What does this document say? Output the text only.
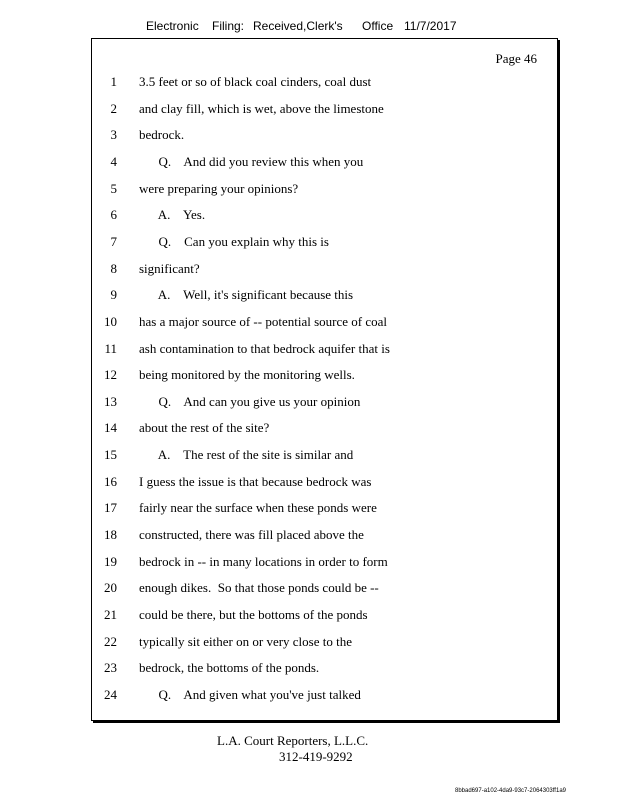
Electronic Filing: Received,Clerk's Office 11/7/2017
Page 46
1 3.5 feet or so of black coal cinders, coal dust
2 and clay fill, which is wet, above the limestone
3 bedrock.
4 Q.    And did you review this when you
5 were preparing your opinions?
6 A.    Yes.
7 Q.    Can you explain why this is
8 significant?
9 A.    Well, it's significant because this
10 has a major source of -- potential source of coal
11 ash contamination to that bedrock aquifer that is
12 being monitored by the monitoring wells.
13 Q.    And can you give us your opinion
14 about the rest of the site?
15 A.    The rest of the site is similar and
16 I guess the issue is that because bedrock was
17 fairly near the surface when these ponds were
18 constructed, there was fill placed above the
19 bedrock in -- in many locations in order to form
20 enough dikes.  So that those ponds could be --
21 could be there, but the bottoms of the ponds
22 typically sit either on or very close to the
23 bedrock, the bottoms of the ponds.
24 Q.    And given what you've just talked
L.A. Court Reporters, L.L.C.
312-419-9292
8bbad697-a102-4da9-93c7-2064303ff1a9
